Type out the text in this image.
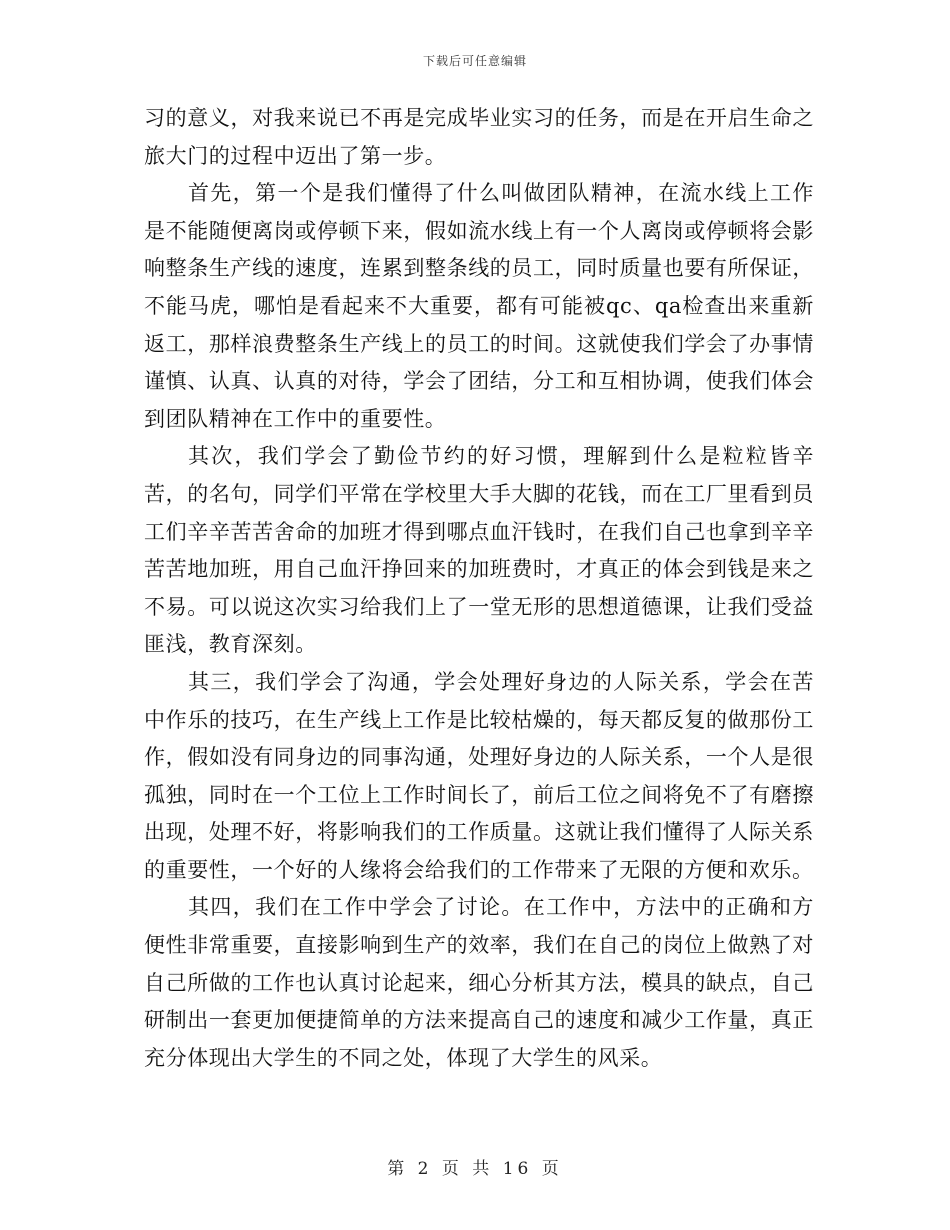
下载后可任意编辑

习的意义，对我来说已不再是完成毕业实习的任务，而是在开启生命之旅大门的过程中迈出了第一步。

首先，第一个是我们懂得了什么叫做团队精神，在流水线上工作是不能随便离岗或停顿下来，假如流水线上有一个人离岗或停顿将会影响整条生产线的速度，连累到整条线的员工，同时质量也要有所保证，不能马虎，哪怕是看起来不大重要，都有可能被qc、qa检查出来重新返工，那样浪费整条生产线上的员工的时间。这就使我们学会了办事情谨慎、认真、认真的对待，学会了团结，分工和互相协调，使我们体会到团队精神在工作中的重要性。

其次，我们学会了勤俭节约的好习惯，理解到什么是粒粒皆辛苦，的名句，同学们平常在学校里大手大脚的花钱，而在工厂里看到员工们辛辛苦苦舍命的加班才得到哪点血汗钱时，在我们自己也拿到辛辛苦苦地加班，用自己血汗挣回来的加班费时，才真正的体会到钱是来之不易。可以说这次实习给我们上了一堂无形的思想道德课，让我们受益匪浅，教育深刻。

其三，我们学会了沟通，学会处理好身边的人际关系，学会在苦中作乐的技巧，在生产线上工作是比较枯燥的，每天都反复的做那份工作，假如没有同身边的同事沟通，处理好身边的人际关系，一个人是很孤独，同时在一个工位上工作时间长了，前后工位之间将免不了有磨擦出现，处理不好，将影响我们的工作质量。这就让我们懂得了人际关系的重要性，一个好的人缘将会给我们的工作带来了无限的方便和欢乐。

其四，我们在工作中学会了讨论。在工作中，方法中的正确和方便性非常重要，直接影响到生产的效率，我们在自己的岗位上做熟了对自己所做的工作也认真讨论起来，细心分析其方法，模具的缺点，自己研制出一套更加便捷简单的方法来提高自己的速度和减少工作量，真正充分体现出大学生的不同之处，体现了大学生的风采。

第 2 页 共 16 页
